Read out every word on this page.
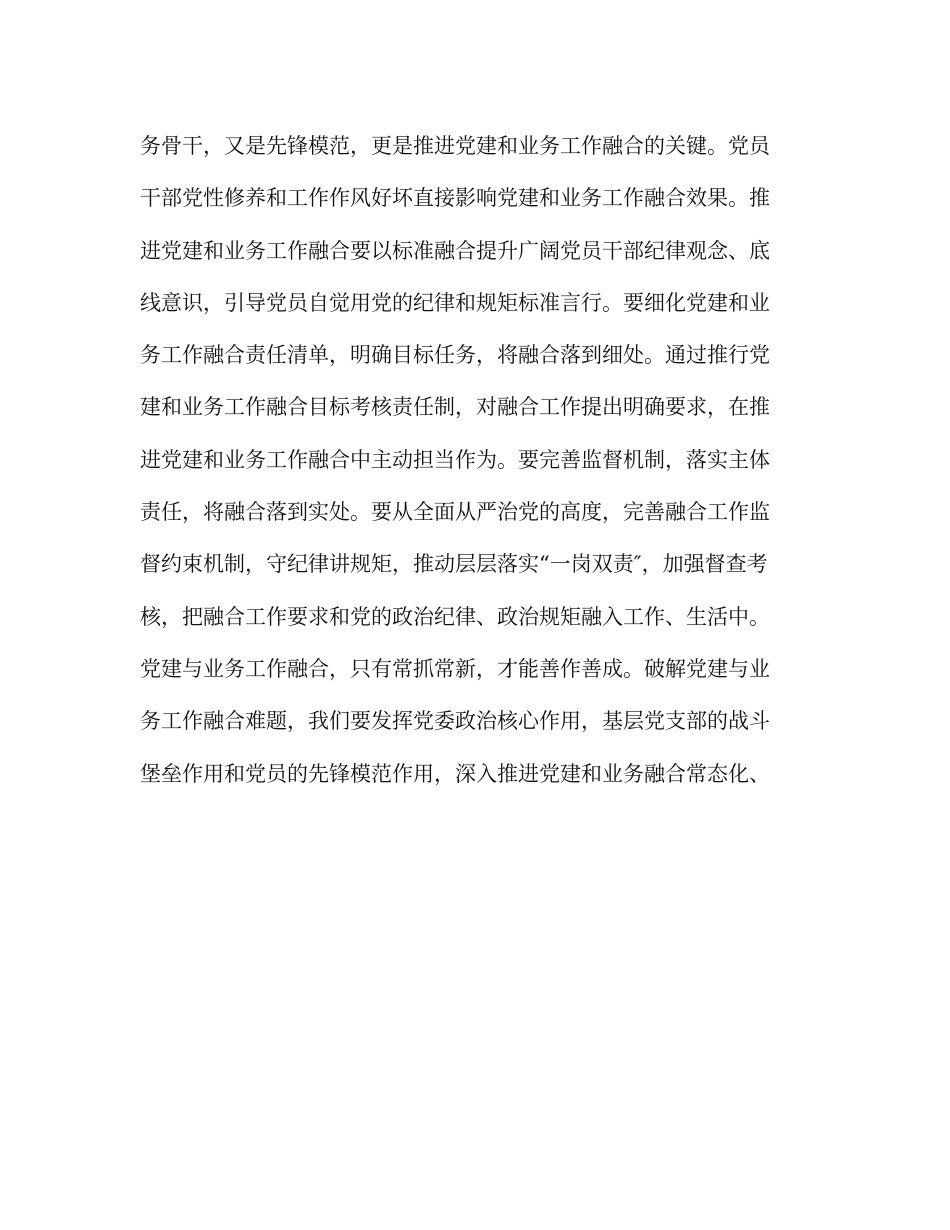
务骨干，又是先锋模范，更是推进党建和业务工作融合的关键。党员
干部党性修养和工作作风好坏直接影响党建和业务工作融合效果。推
进党建和业务工作融合要以标准融合提升广阔党员干部纪律观念、底
线意识，引导党员自觉用党的纪律和规矩标准言行。要细化党建和业
务工作融合责任清单，明确目标任务，将融合落到细处。通过推行党
建和业务工作融合目标考核责任制，对融合工作提出明确要求，在推
进党建和业务工作融合中主动担当作为。要完善监督机制，落实主体
责任，将融合落到实处。要从全面从严治党的高度，完善融合工作监
督约束机制，守纪律讲规矩，推动层层落实“一岗双责″，加强督查考
核，把融合工作要求和党的政治纪律、政治规矩融入工作、生活中。
党建与业务工作融合，只有常抓常新，才能善作善成。破解党建与业
务工作融合难题，我们要发挥党委政治核心作用，基层党支部的战斗
堡垒作用和党员的先锋模范作用，深入推进党建和业务融合常态化、
